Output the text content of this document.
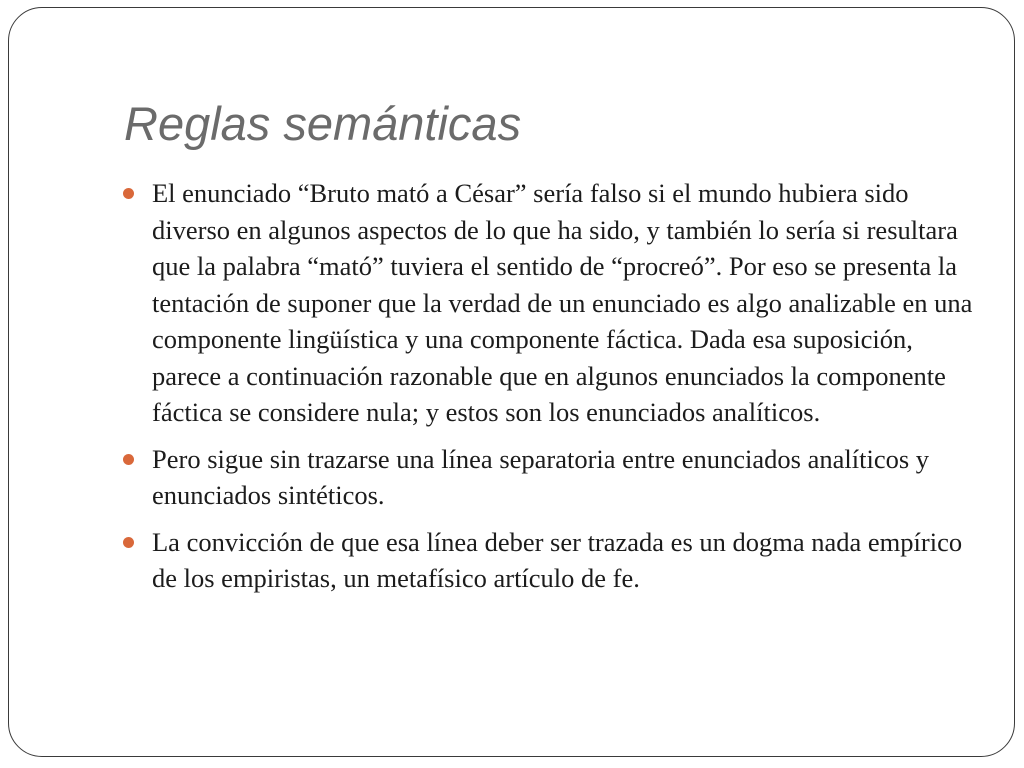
Reglas semánticas
El enunciado “Bruto mató a César” sería falso si el mundo hubiera sido diverso en algunos aspectos de lo que ha sido, y también lo sería si resultara que la palabra “mató” tuviera el sentido de “procreó”. Por eso se presenta la tentación de suponer que la verdad de un enunciado es algo analizable en una componente lingüística y una componente fáctica. Dada esa suposición, parece a continuación razonable que en algunos enunciados la componente fáctica se considere nula; y estos son los enunciados analíticos.
Pero sigue sin trazarse una línea separatoria entre enunciados analíticos y enunciados sintéticos.
La convicción de que esa línea deber ser trazada es un dogma nada empírico de los empiristas, un metafísico artículo de fe.
